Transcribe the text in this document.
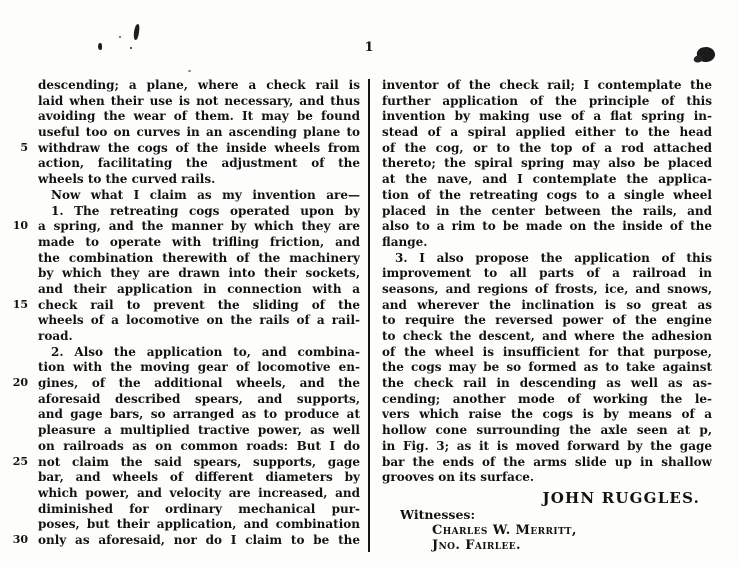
1
5
10
15
20
25
30
descending; a plane, where a check rail is
laid when their use is not necessary, and thus
avoiding the wear of them. It may be found
useful too on curves in an ascending plane to
withdraw the cogs of the inside wheels from
action, facilitating the adjustment of the
wheels to the curved rails.
Now what I claim as my invention are—
1. The retreating cogs operated upon by
a spring, and the manner by which they are
made to operate with trifling friction, and
the combination therewith of the machinery
by which they are drawn into their sockets,
and their application in connection with a
check rail to prevent the sliding of the
wheels of a locomotive on the rails of a rail-
road.
2. Also the application to, and combina-
tion with the moving gear of locomotive en-
gines, of the additional wheels, and the
aforesaid described spears, and supports,
and gage bars, so arranged as to produce at
pleasure a multiplied tractive power, as well
on railroads as on common roads: But I do
not claim the said spears, supports, gage
bar, and wheels of different diameters by
which power, and velocity are increased, and
diminished for ordinary mechanical pur-
poses, but their application, and combination
only as aforesaid, nor do I claim to be the
inventor of the check rail; I contemplate the
further application of the principle of this
invention by making use of a flat spring in-
stead of a spiral applied either to the head
of the cog, or to the top of a rod attached
thereto; the spiral spring may also be placed
at the nave, and I contemplate the applica-
tion of the retreating cogs to a single wheel
placed in the center between the rails, and
also to a rim to be made on the inside of the
flange.
3. I also propose the application of this
improvement to all parts of a railroad in
seasons, and regions of frosts, ice, and snows,
and wherever the inclination is so great as
to require the reversed power of the engine
to check the descent, and where the adhesion
of the wheel is insufficient for that purpose,
the cogs may be so formed as to take against
the check rail in descending as well as as-
cending; another mode of working the le-
vers which raise the cogs is by means of a
hollow cone surrounding the axle seen at p,
in Fig. 3; as it is moved forward by the gage
bar the ends of the arms slide up in shallow
grooves on its surface.
JOHN RUGGLES.
Witnesses:
Charles W. Merritt,
Jno. Fairlee.
